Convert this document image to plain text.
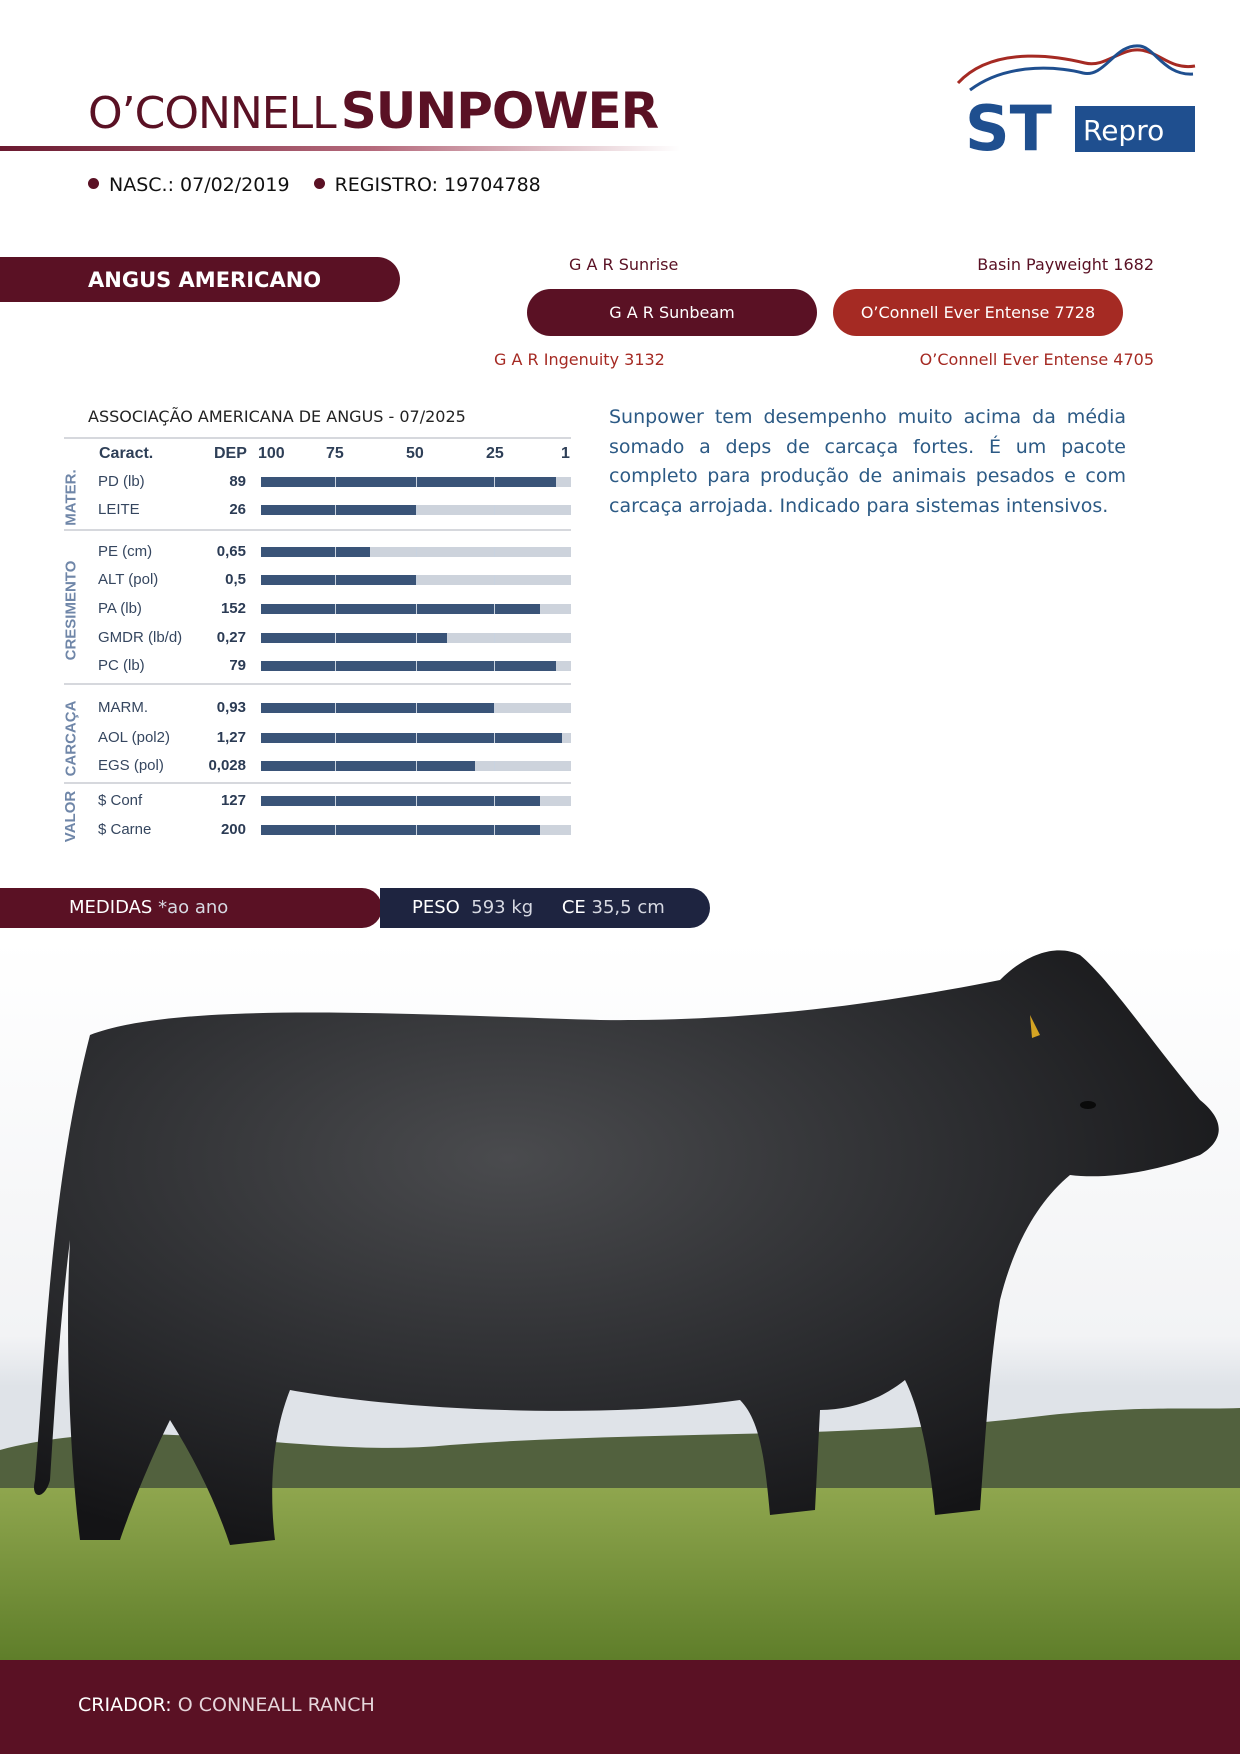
O’CONNELL SUNPOWER
NASC.: 07/02/2019 REGISTRO: 19704788
ST Repro
ANGUS AMERICANO
G A R Sunrise
G A R Sunbeam
G A R Ingenuity 3132
Basin Payweight 1682
O’Connell Ever Entense 7728
O’Connell Ever Entense 4705
ASSOCIAÇÃO AMERICANA DE ANGUS - 07/2025
Caract.	DEP 100	75	50	25	1
MATER. PD (lb)	89
LEITE	26
CRESIMENTO
PE (cm)	0,65
ALT (pol)	0,5
PA (lb)	152
GMDR (lb/d)	0,27
PC (lb)	79
CARCAÇA MARM.	0,93
AOL (pol2)	1,27
EGS (pol)	0,028
VALOR $ Conf	127
$ Carne	200
Sunpower tem desempenho muito acima da média somado a deps de carcaça fortes. É um pacote completo para produção de animais pesados e com carcaça arrojada. Indicado para sistemas intensivos.
MEDIDAS *ao ano	PESO 593 kg CE 35,5 cm
CRIADOR: O CONNEALL RANCH
